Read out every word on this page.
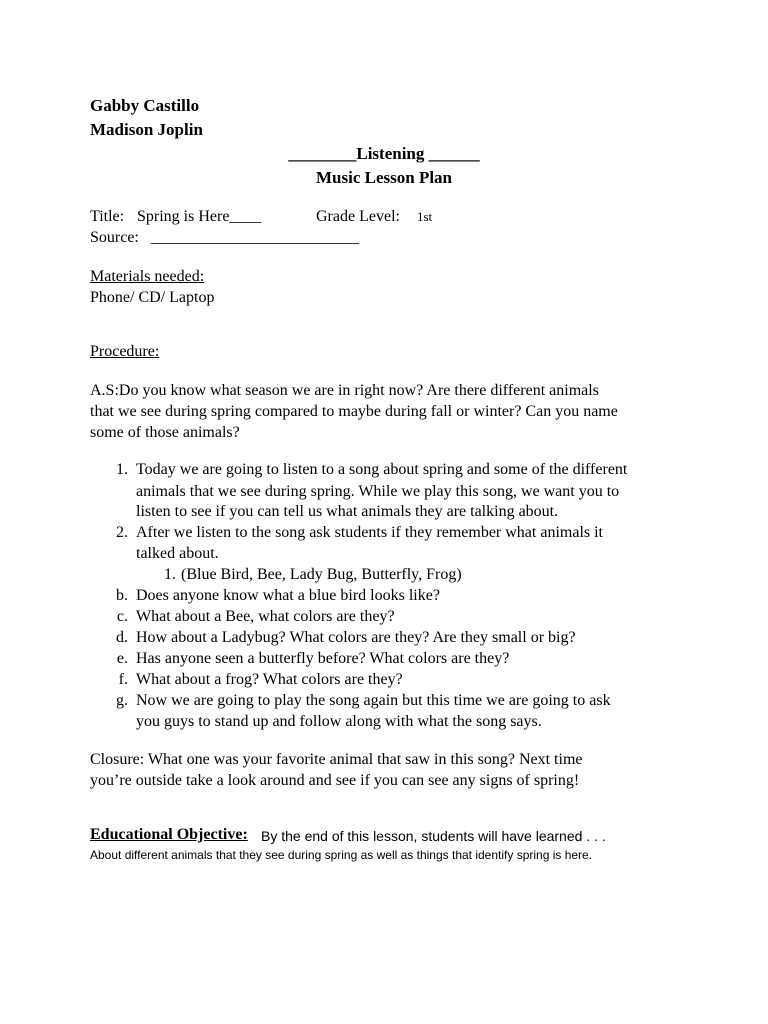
Gabby Castillo
Madison Joplin
________Listening ______
Music Lesson Plan
Title: Spring is Here____	Grade Level: 1st
Source: __________________________
Materials needed:
Phone/ CD/ Laptop
Procedure:
A.S:Do you know what season we are in right now? Are there different animals
that we see during spring compared to maybe during fall or winter? Can you name
some of those animals?
1. Today we are going to listen to a song about spring and some of the different
animals that we see during spring. While we play this song, we want you to
listen to see if you can tell us what animals they are talking about.
2. After we listen to the song ask students if they remember what animals it
talked about.
1. (Blue Bird, Bee, Lady Bug, Butterfly, Frog)
b. Does anyone know what a blue bird looks like?
c. What about a Bee, what colors are they?
d. How about a Ladybug? What colors are they? Are they small or big?
e. Has anyone seen a butterfly before? What colors are they?
f. What about a frog? What colors are they?
g. Now we are going to play the song again but this time we are going to ask
you guys to stand up and follow along with what the song says.
Closure: What one was your favorite animal that saw in this song? Next time
you’re outside take a look around and see if you can see any signs of spring!
Educational Objective: By the end of this lesson, students will have learned . . .
About different animals that they see during spring as well as things that identify spring is here.
